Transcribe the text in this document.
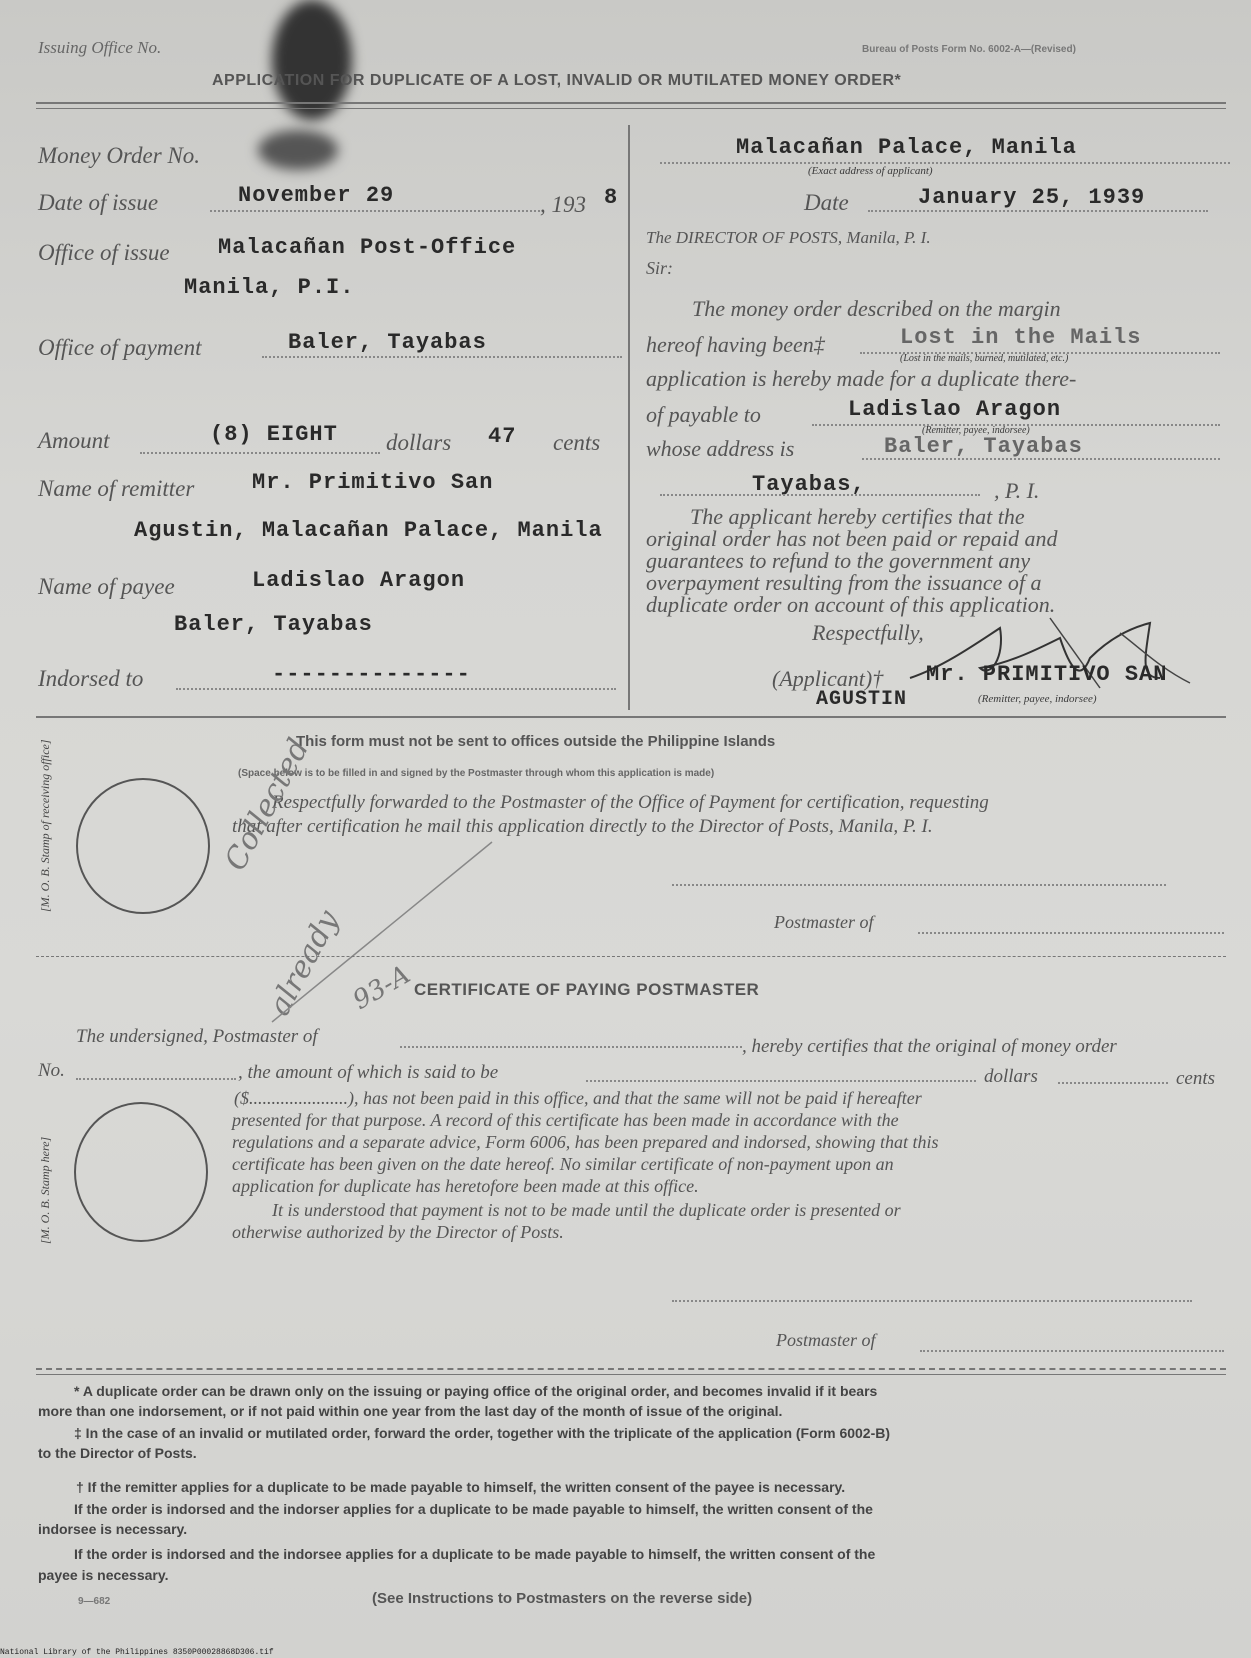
Issuing Office No.	Bureau of Posts Form No. 6002-A—(Revised)
APPLICATION FOR DUPLICATE OF A LOST, INVALID OR MUTILATED MONEY ORDER*
Money Order No.
Date of issue	November 29	, 193 8
Office of issue Malacañan Post-Office
Manila, P.I.
Office of payment	Baler, Tayabas
Amount	(8) EIGHT dollars 47 cents
Name of remitter	Mr. Primitivo San
Agustin, Malacañan Palace, Manila
Name of payee	Ladislao Aragon
Baler, Tayabas
Indorsed to	--------------
Malacañan Palace, Manila
(Exact address of applicant)
Date	January 25, 1939
The DIRECTOR OF POSTS, Manila, P. I.
Sir:
The money order described on the margin
hereof having been‡	Lost in the Mails
(Lost in the mails, burned, mutilated, etc.)
application is hereby made for a duplicate there-
of payable to	Ladislao Aragon
(Remitter, payee, indorsee)
whose address is	Baler, Tayabas
Tayabas,	, P. I.
The applicant hereby certifies that the
original order has not been paid or repaid and
guarantees to refund to the government any
overpayment resulting from the issuance of a
duplicate order on account of this application.
Respectfully,
(Applicant)† Mr. PRIMITIVO SAN
AGUSTIN	(Remitter, payee, indorsee)
This form must not be sent to offices outside the Philippine Islands
(Space below is to be filled in and signed by the Postmaster through whom this application is made)
[M. O. B. Stamp of receiving office]	Respectfully forwarded to the Postmaster of the Office of Payment for certification, requesting
that after certification he mail this application directly to the Director of Posts, Manila, P. I.
Postmaster of
Collected
already 93-A
CERTIFICATE OF PAYING POSTMASTER
The undersigned, Postmaster of	, hereby certifies that the original of money order
No.	, the amount of which is said to be	dollars	cents
[M. O. B. Stamp here]
($......................), has not been paid in this office, and that the same will not be paid if hereafter
presented for that purpose. A record of this certificate has been made in accordance with the
regulations and a separate advice, Form 6006, has been prepared and indorsed, showing that this
certificate has been given on the date hereof. No similar certificate of non-payment upon an
application for duplicate has heretofore been made at this office.
It is understood that payment is not to be made until the duplicate order is presented or
otherwise authorized by the Director of Posts.
Postmaster of
* A duplicate order can be drawn only on the issuing or paying office of the original order, and becomes invalid if it bears
more than one indorsement, or if not paid within one year from the last day of the month of issue of the original.
‡ In the case of an invalid or mutilated order, forward the order, together with the triplicate of the application (Form 6002-B)
to the Director of Posts.
† If the remitter applies for a duplicate to be made payable to himself, the written consent of the payee is necessary.
If the order is indorsed and the indorser applies for a duplicate to be made payable to himself, the written consent of the
indorsee is necessary.
If the order is indorsed and the indorsee applies for a duplicate to be made payable to himself, the written consent of the
payee is necessary.
(See Instructions to Postmasters on the reverse side)
9—682
National Library of the Philippines 8350P00028868D306.tif
